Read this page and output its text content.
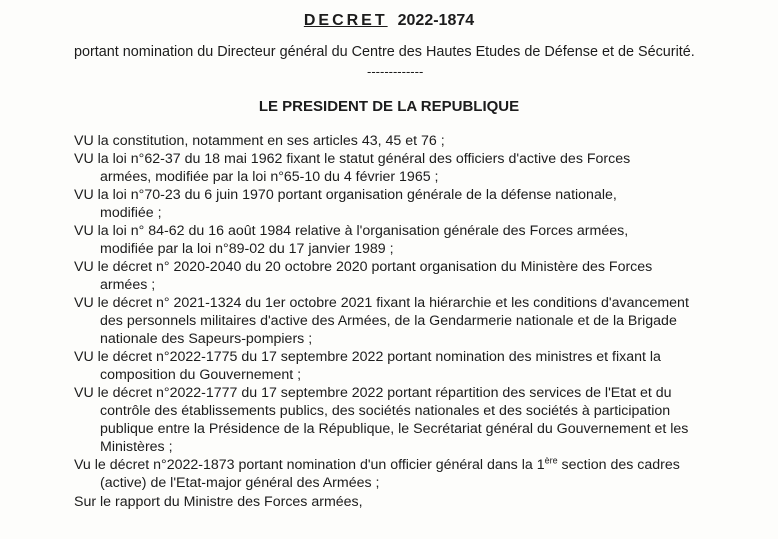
DECRET 2022-1874
portant nomination du Directeur général du Centre des Hautes Etudes de Défense et de Sécurité.
-------------
LE PRESIDENT DE LA REPUBLIQUE
VU la constitution, notamment en ses articles 43, 45 et 76 ;
VU la loi n°62-37 du 18 mai 1962 fixant le statut général des officiers d'active des Forces
armées, modifiée par la loi n°65-10 du 4 février 1965 ;
VU la loi n°70-23 du 6 juin 1970 portant organisation générale de la défense nationale,
modifiée ;
VU la loi n° 84-62 du 16 août 1984 relative à l'organisation générale des Forces armées,
modifiée par la loi n°89-02 du 17 janvier 1989 ;
VU le décret n° 2020-2040 du 20 octobre 2020 portant organisation du Ministère des Forces
armées ;
VU le décret n° 2021-1324 du 1er octobre 2021 fixant la hiérarchie et les conditions d'avancement
des personnels militaires d'active des Armées, de la Gendarmerie nationale et de la Brigade
nationale des Sapeurs-pompiers ;
VU le décret n°2022-1775 du 17 septembre 2022 portant nomination des ministres et fixant la
composition du Gouvernement ;
VU le décret n°2022-1777 du 17 septembre 2022 portant répartition des services de l'Etat et du
contrôle des établissements publics, des sociétés nationales et des sociétés à participation
publique entre la Présidence de la République, le Secrétariat général du Gouvernement et les
Ministères ;
Vu le décret n°2022-1873 portant nomination d'un officier général dans la 1ère section des cadres
(active) de l'Etat-major général des Armées ;
Sur le rapport du Ministre des Forces armées,
